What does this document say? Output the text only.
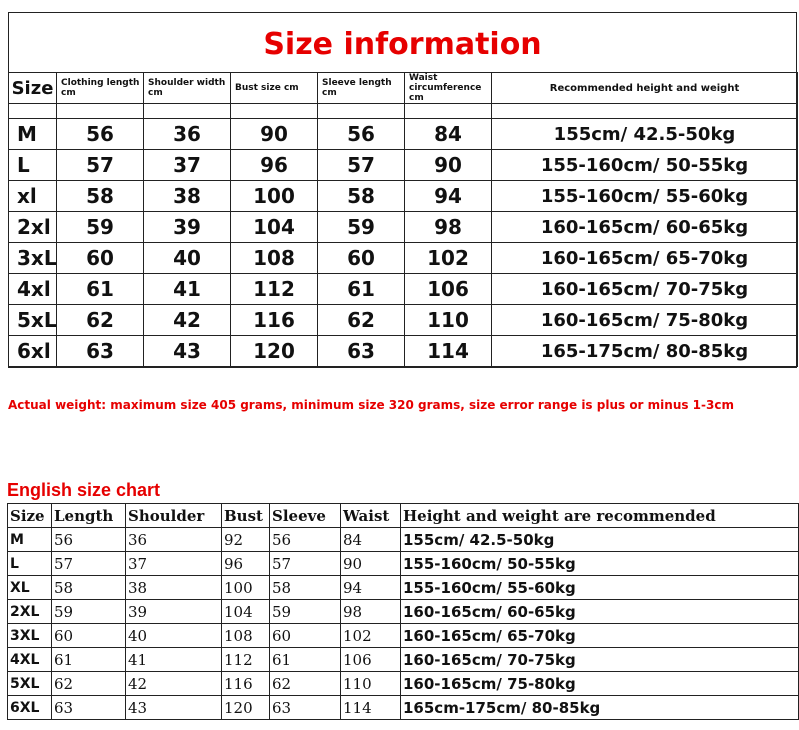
Size information
Size	Clothing length cm	Shoulder width cm	Bust size cm	Sleeve length cm	Waist circumference cm	Recommended height and weight

M	56	36	90	56	84	155cm/ 42.5-50kg
L	57	37	96	57	90	155-160cm/ 50-55kg
xl	58	38	100	58	94	155-160cm/ 55-60kg
2xl	59	39	104	59	98	160-165cm/ 60-65kg
3xL	60	40	108	60	102	160-165cm/ 65-70kg
4xl	61	41	112	61	106	160-165cm/ 70-75kg
5xL	62	42	116	62	110	160-165cm/ 75-80kg
6xl	63	43	120	63	114	165-175cm/ 80-85kg
Actual weight: maximum size 405 grams, minimum size 320 grams, size error range is plus or minus 1-3cm
English size chart
Size	Length	Shoulder	Bust	Sleeve	Waist	Height and weight are recommended
M	56	36	92	56	84	155cm/ 42.5-50kg
L	57	37	96	57	90	155-160cm/ 50-55kg
XL	58	38	100	58	94	155-160cm/ 55-60kg
2XL	59	39	104	59	98	160-165cm/ 60-65kg
3XL	60	40	108	60	102	160-165cm/ 65-70kg
4XL	61	41	112	61	106	160-165cm/ 70-75kg
5XL	62	42	116	62	110	160-165cm/ 75-80kg
6XL	63	43	120	63	114	165cm-175cm/ 80-85kg
